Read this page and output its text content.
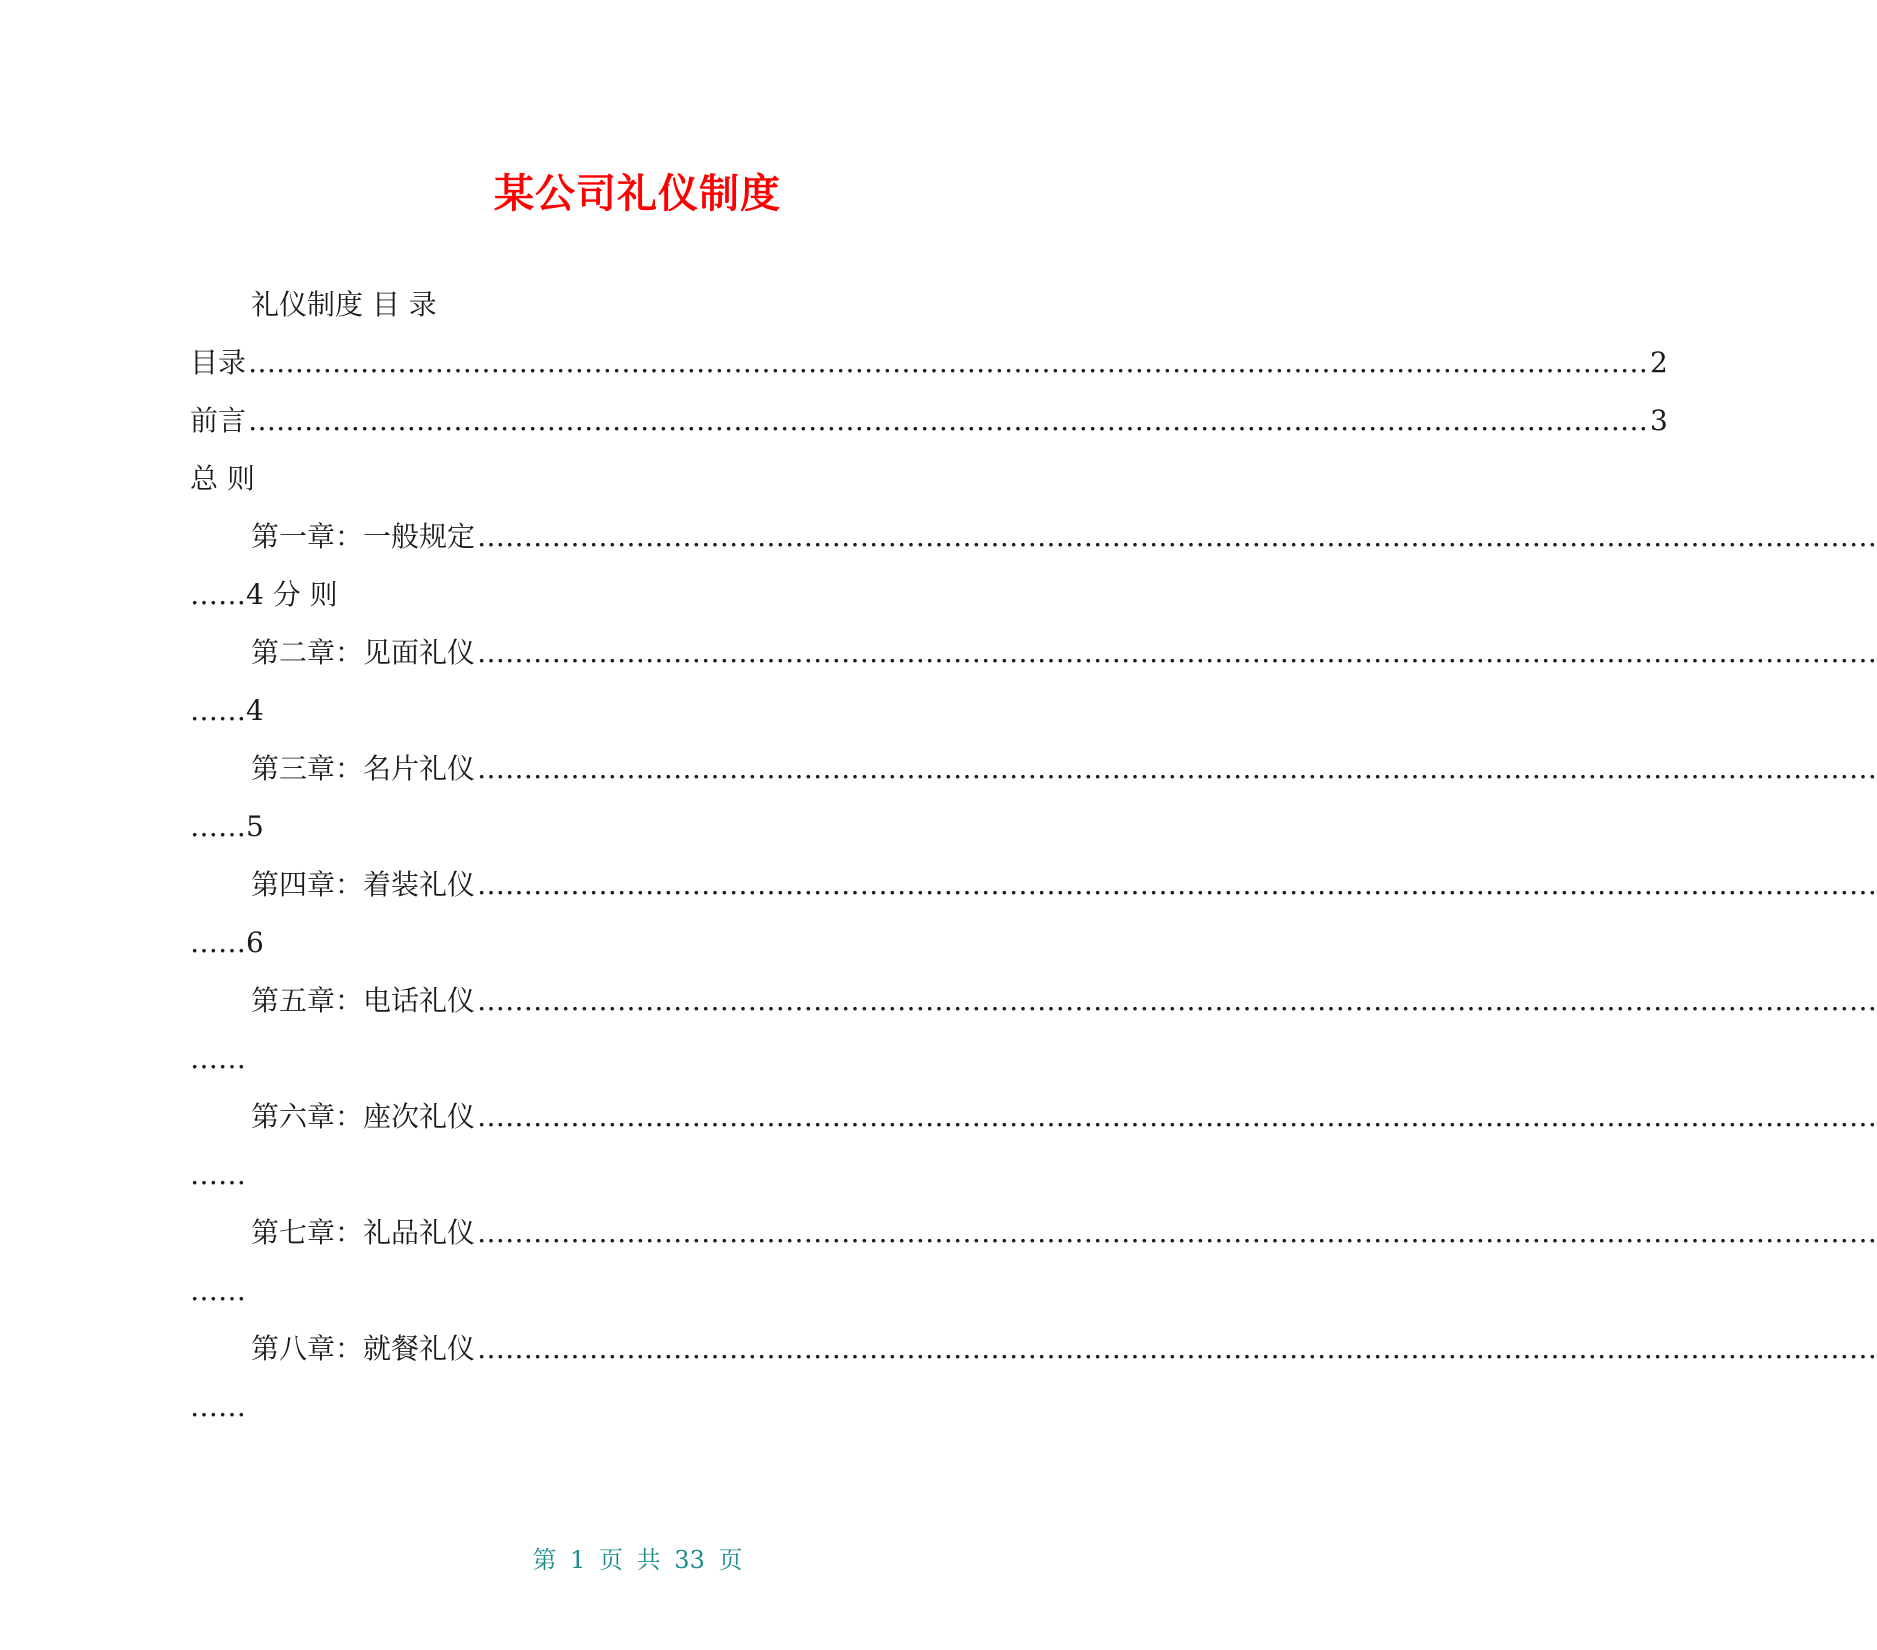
某公司礼仪制度
礼仪制度 目 录
目录 …………………………………………………………………………………………………………………………………… 2
前言 …………………………………………………………………………………………………………………………………… 3
总 则
第一章：一般规定 ……………………………………………………………………………………………………………………………………
……4 分 则
第二章：见面礼仪 ……………………………………………………………………………………………………………………………………
……4
第三章：名片礼仪 ……………………………………………………………………………………………………………………………………
……5
第四章：着装礼仪 ……………………………………………………………………………………………………………………………………
……6
第五章：电话礼仪 ……………………………………………………………………………………………………………………………………
……
第六章：座次礼仪 ……………………………………………………………………………………………………………………………………
……
第七章：礼品礼仪 ……………………………………………………………………………………………………………………………………
……
第八章：就餐礼仪 ……………………………………………………………………………………………………………………………………
……
第 1 页 共 33 页
